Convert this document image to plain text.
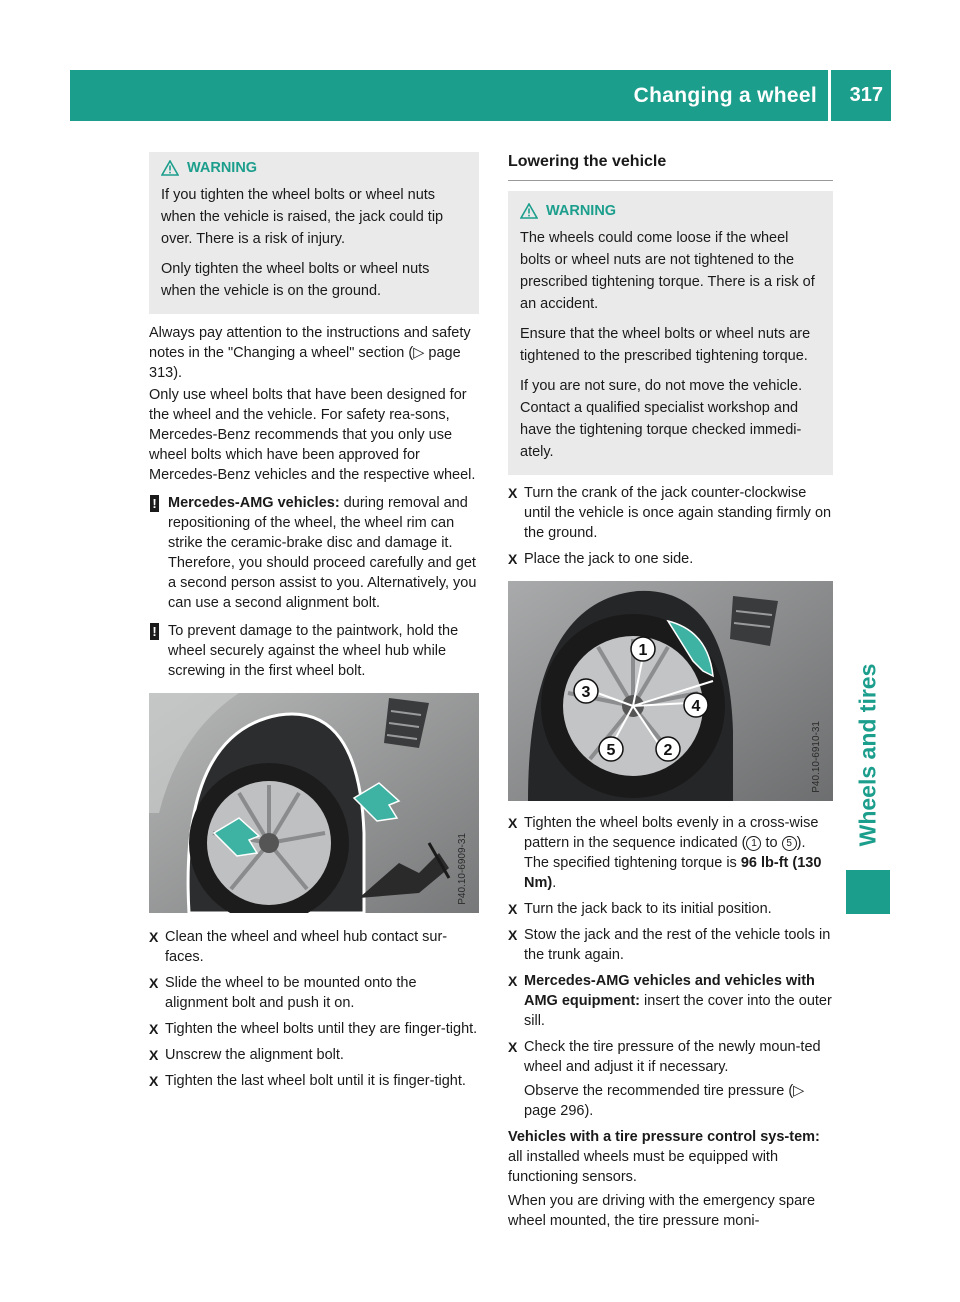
Changing a wheel 317
Wheels and tires
WARNING

If you tighten the wheel bolts or wheel nuts when the vehicle is raised, the jack could tip over. There is a risk of injury.

Only tighten the wheel bolts or wheel nuts when the vehicle is on the ground.

Always pay attention to the instructions and safety notes in the "Changing a wheel" section (▷ page 313).

Only use wheel bolts that have been designed for the wheel and the vehicle. For safety rea-sons, Mercedes-Benz recommends that you only use wheel bolts which have been approved for Mercedes-Benz vehicles and the respective wheel.

! Mercedes-AMG vehicles: during removal and repositioning of the wheel, the wheel rim can strike the ceramic-brake disc and damage it. Therefore, you should proceed carefully and get a second person assist to you. Alternatively, you can use a second alignment bolt.
! To prevent damage to the paintwork, hold the wheel securely against the wheel hub while screwing in the first wheel bolt.
P40.10-6909-31
X Clean the wheel and wheel hub contact sur-faces.
X Slide the wheel to be mounted onto the alignment bolt and push it on.
X Tighten the wheel bolts until they are finger-tight.
X Unscrew the alignment bolt.
X Tighten the last wheel bolt until it is finger-tight.
Lowering the vehicle
WARNING

The wheels could come loose if the wheel bolts or wheel nuts are not tightened to the prescribed tightening torque. There is a risk of an accident.

Ensure that the wheel bolts or wheel nuts are tightened to the prescribed tightening torque.

If you are not sure, do not move the vehicle. Contact a qualified specialist workshop and have the tightening torque checked immedi-ately.

X Turn the crank of the jack counter-clockwise until the vehicle is once again standing firmly on the ground.
X Place the jack to one side.
1
2
3
4
5	P40.10-6910-31
X Tighten the wheel bolts evenly in a cross-wise pattern in the sequence indicated ( 1 to 5 ). The specified tightening torque is 96 lb-ft (130 Nm).
X Turn the jack back to its initial position.
X Stow the jack and the rest of the vehicle tools in the trunk again.
X Mercedes-AMG vehicles and vehicles with AMG equipment: insert the cover into the outer sill.
X Check the tire pressure of the newly moun-ted wheel and adjust it if necessary.
Observe the recommended tire pressure (▷ page 296).

Vehicles with a tire pressure control sys-tem: all installed wheels must be equipped with functioning sensors.

When you are driving with the emergency spare wheel mounted, the tire pressure moni-
